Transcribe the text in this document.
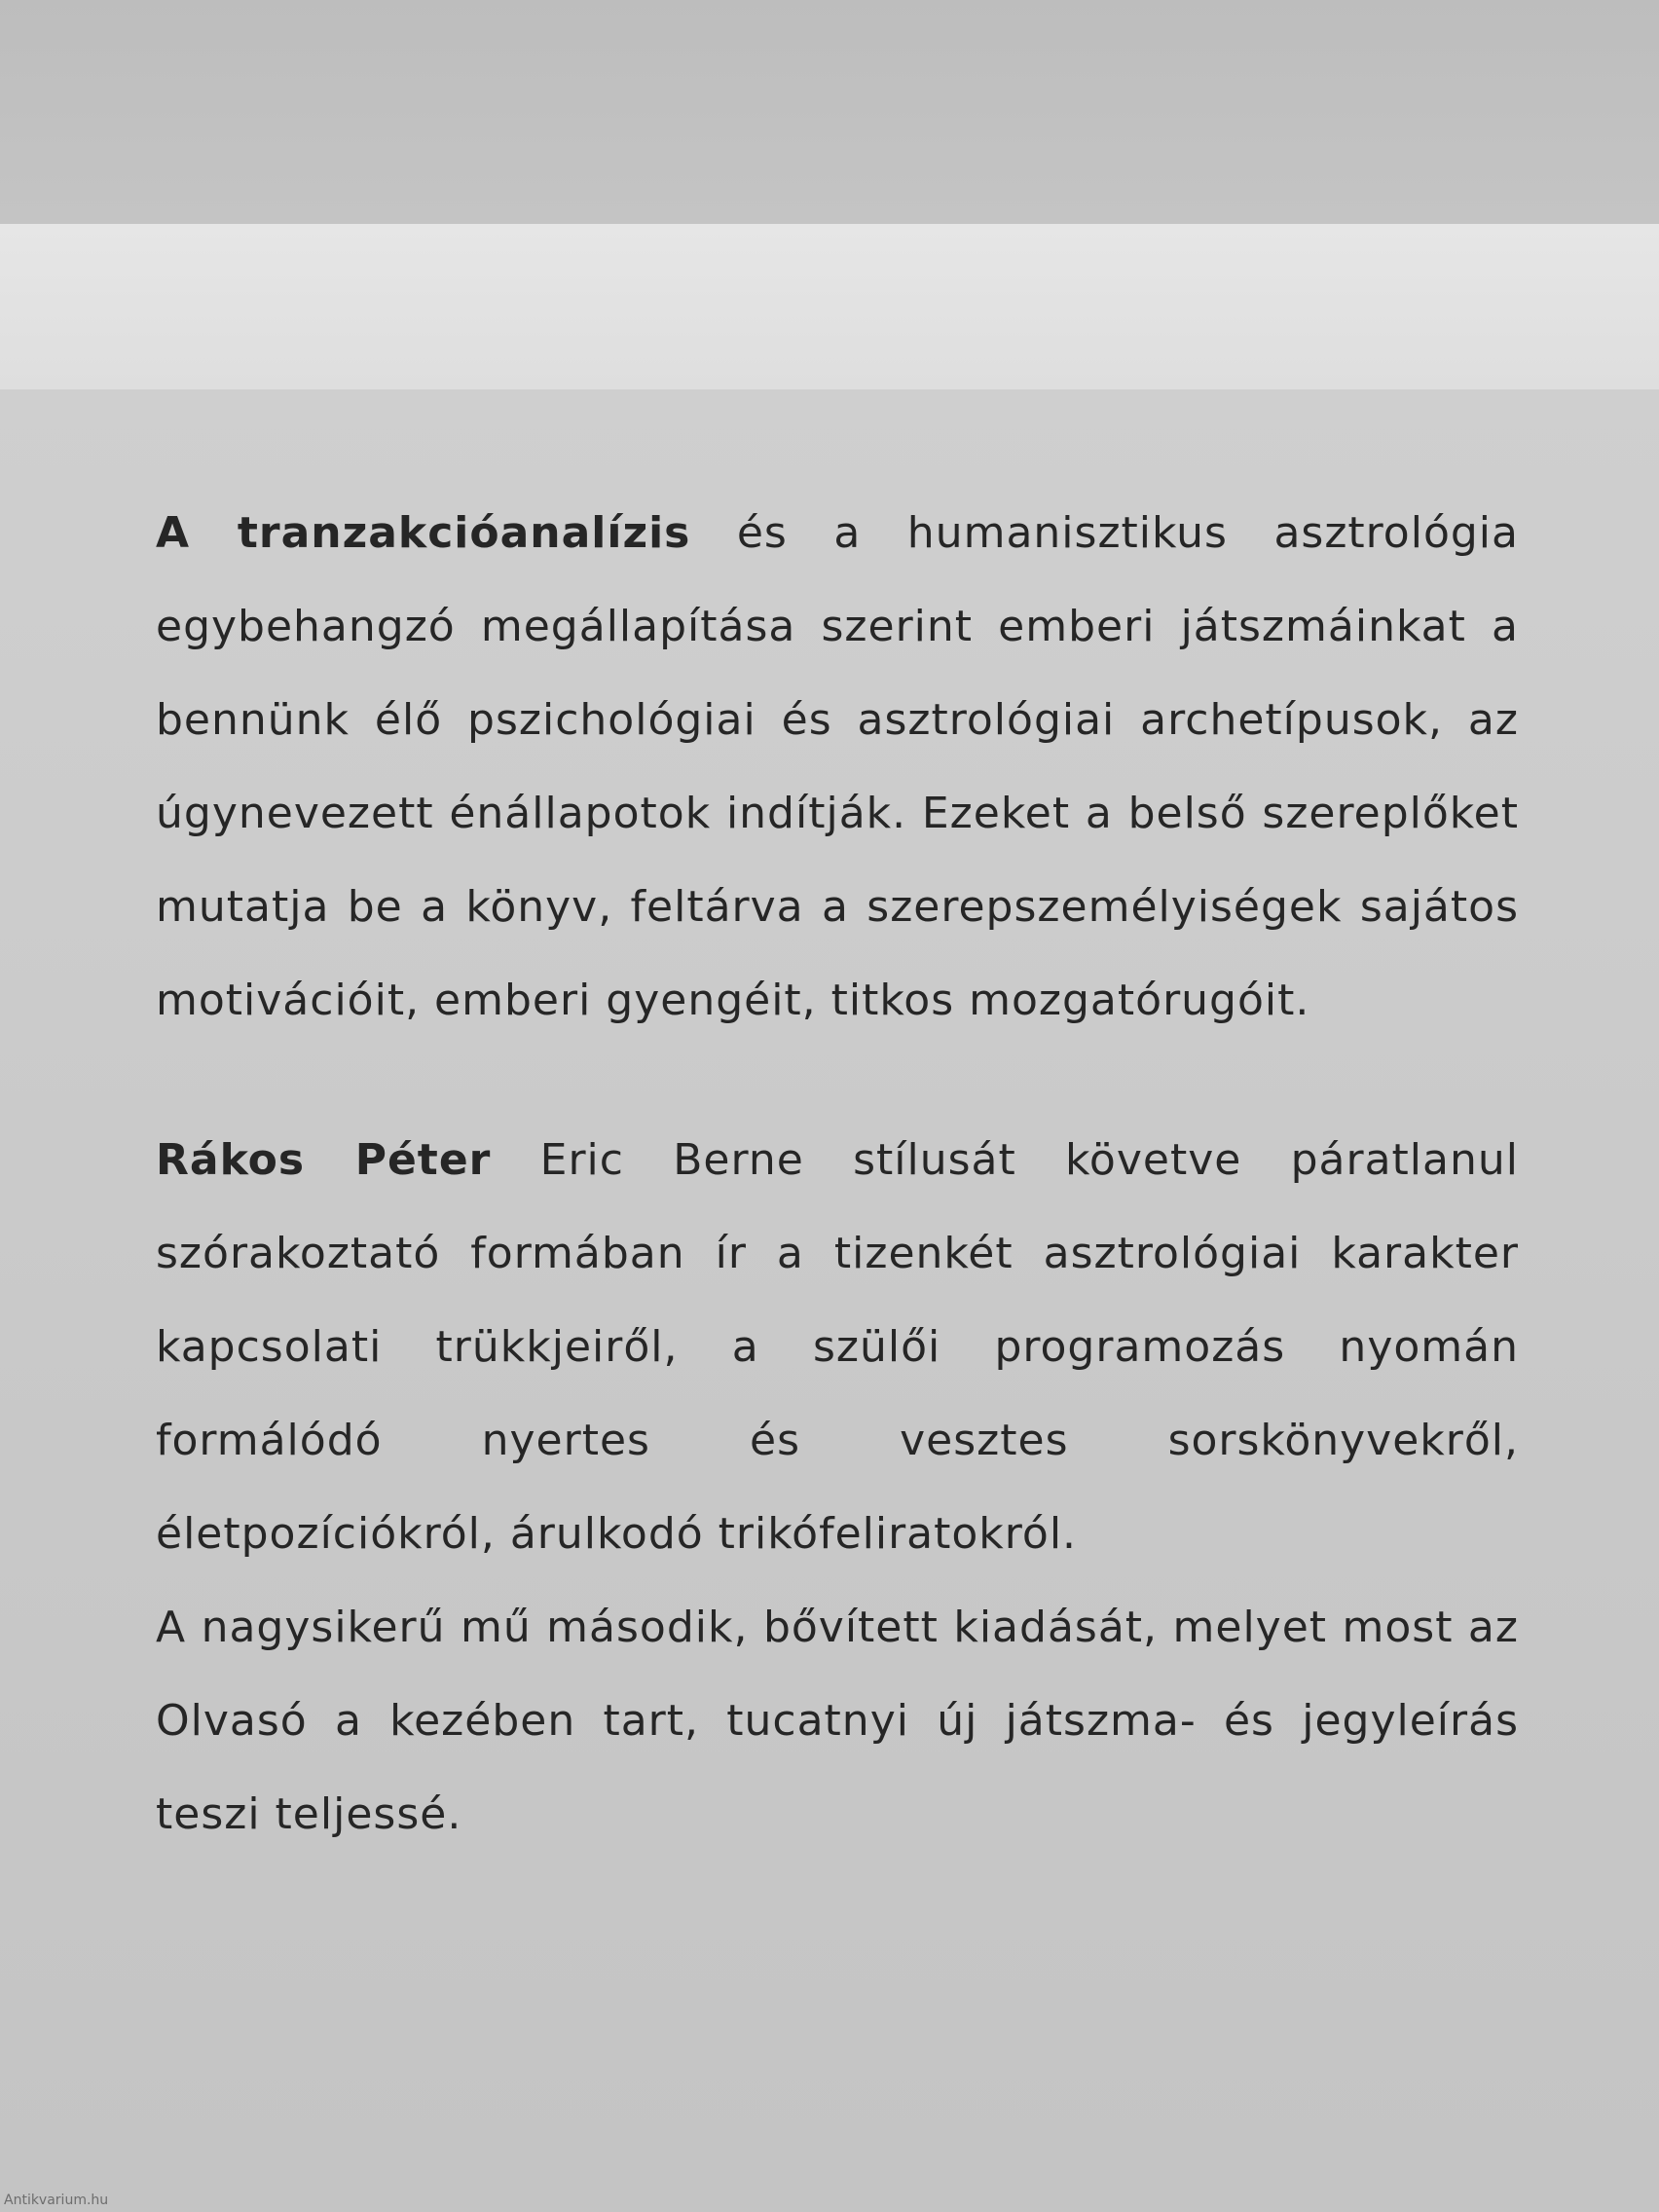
A tranzakcióanalízis és a humanisztikus asztrológia egybehangzó megállapítása szerint emberi játszmáinkat a bennünk élő pszichológiai és asztrológiai archetípusok, az úgynevezett énállapotok indítják. Ezeket a belső szereplőket mutatja be a könyv, feltárva a szerepszemélyiségek sajátos motivációit, emberi gyengéit, titkos mozgatórugóit.

Rákos Péter Eric Berne stílusát követve páratlanul szórakoztató formában ír a tizenkét asztrológiai karakter kapcsolati trükkjeiről, a szülői programozás nyomán formálódó nyertes és vesztes sorskönyvekről, életpozíciókról, árulkodó trikófeliratokról.

A nagysikerű mű második, bővített kiadását, melyet most az Olvasó a kezében tart, tucatnyi új játszma- és jegyleírás teszi teljessé.

Antikvarium.hu
